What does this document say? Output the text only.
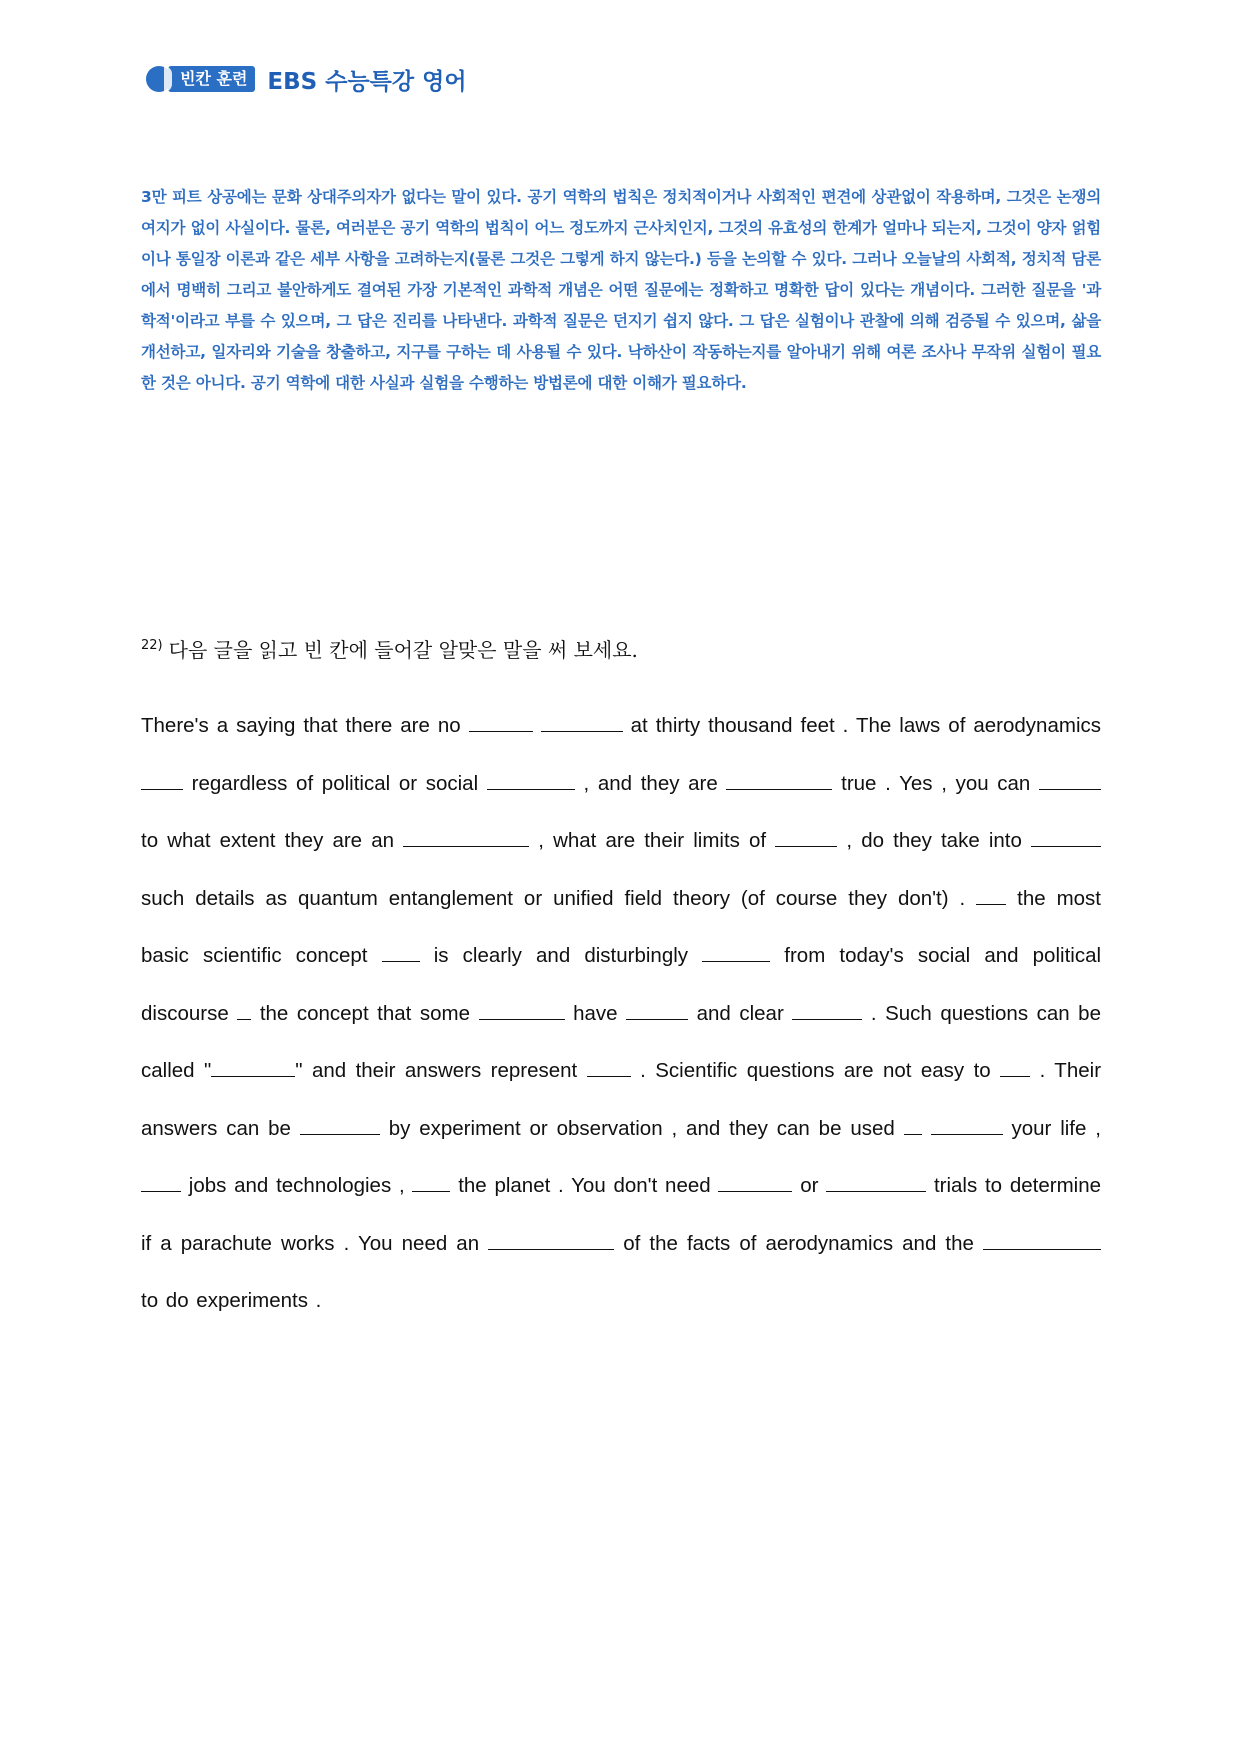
빈칸 훈련 EBS 수능특강 영어
3만 피트 상공에는 문화 상대주의자가 없다는 말이 있다. 공기 역학의 법칙은 정치적이거나 사회적인 편견에 상관없이 작용하며, 그것은 논쟁의 여지가 없이 사실이다. 물론, 여러분은 공기 역학의 법칙이 어느 정도까지 근사치인지, 그것의 유효성의 한계가 얼마나 되는지, 그것이 양자 얽힘이나 통일장 이론과 같은 세부 사항을 고려하는지(물론 그것은 그렇게 하지 않는다.) 등을 논의할 수 있다. 그러나 오늘날의 사회적, 정치적 담론에서 명백히 그리고 불안하게도 결여된 가장 기본적인 과학적 개념은 어떤 질문에는 정확하고 명확한 답이 있다는 개념이다. 그러한 질문을 '과학적'이라고 부를 수 있으며, 그 답은 진리를 나타낸다. 과학적 질문은 던지기 쉽지 않다. 그 답은 실험이나 관찰에 의해 검증될 수 있으며, 삶을 개선하고, 일자리와 기술을 창출하고, 지구를 구하는 데 사용될 수 있다. 낙하산이 작동하는지를 알아내기 위해 여론 조사나 무작위 실험이 필요한 것은 아니다. 공기 역학에 대한 사실과 실험을 수행하는 방법론에 대한 이해가 필요하다.
$^{22)}$ 다음 글을 읽고 빈 칸에 들어갈 알맞은 말을 써 보세요.
There's a saying that there are no	at thirty thousand feet . The laws of aerodynamics  regardless of political or social	, and they are	true . Yes , you can  to what extent they are an	, what are their limits of	, do they take into  such details as quantum entanglement or unified field theory (of course they don't) .	the most basic scientific concept	is clearly and disturbingly	from today's social and political discourse the concept that some	have	and clear	. Such questions can be called "	" and their answers represent	. Scientific questions are not easy to . Their answers can be	by experiment or observation , and they can be used	your life ,  jobs and technologies ,	the planet . You don't need	or	trials to determine if a parachute works . You need an	of the facts of aerodynamics and the  to do experiments .
